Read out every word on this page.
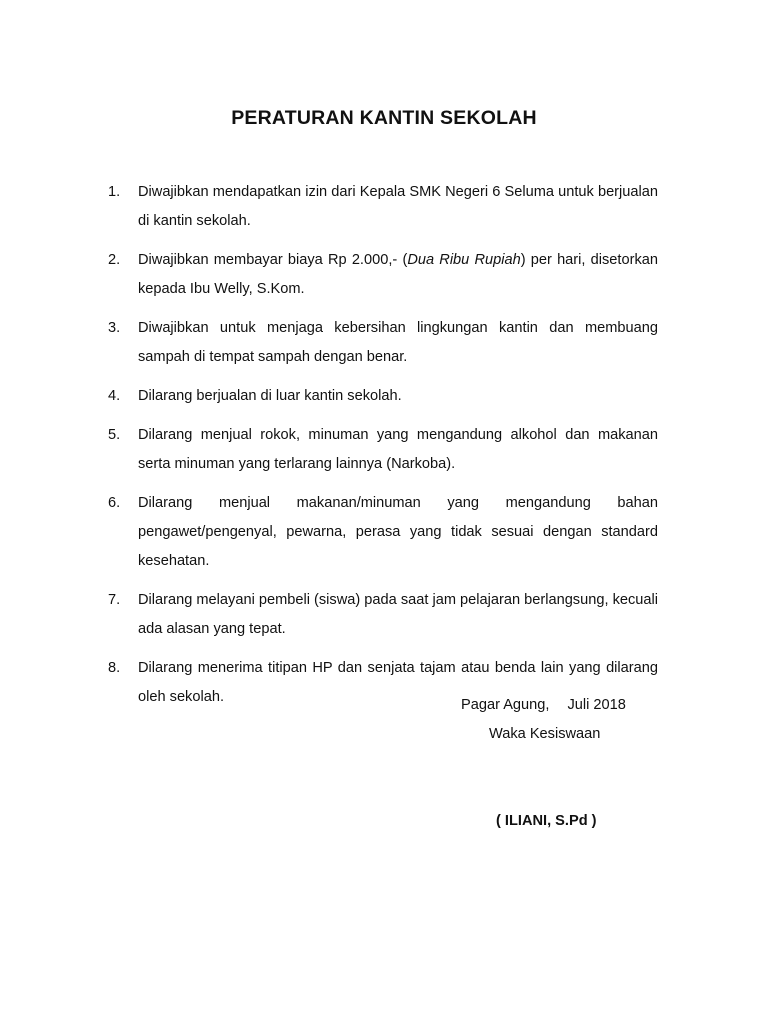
PERATURAN KANTIN SEKOLAH
1.	Diwajibkan mendapatkan izin dari Kepala SMK Negeri 6 Seluma untuk berjualan di kantin sekolah.
2.	Diwajibkan membayar biaya Rp 2.000,- (Dua Ribu Rupiah) per hari, disetorkan kepada Ibu Welly, S.Kom.
3.	Diwajibkan untuk menjaga kebersihan lingkungan kantin dan membuang sampah di tempat sampah dengan benar.
4.	Dilarang berjualan di luar kantin sekolah.
5.	Dilarang menjual rokok, minuman yang mengandung alkohol dan makanan serta minuman yang terlarang lainnya (Narkoba).
6.	Dilarang menjual makanan/minuman yang mengandung bahan pengawet/pengenyal, pewarna, perasa yang tidak sesuai dengan standard kesehatan.
7.	Dilarang melayani pembeli (siswa) pada saat jam pelajaran berlangsung, kecuali ada alasan yang tepat.
8.	Dilarang menerima titipan HP dan senjata tajam atau benda lain yang dilarang oleh sekolah.	Pagar Agung, Juli 2018
Waka Kesiswaan
( ILIANI, S.Pd )
